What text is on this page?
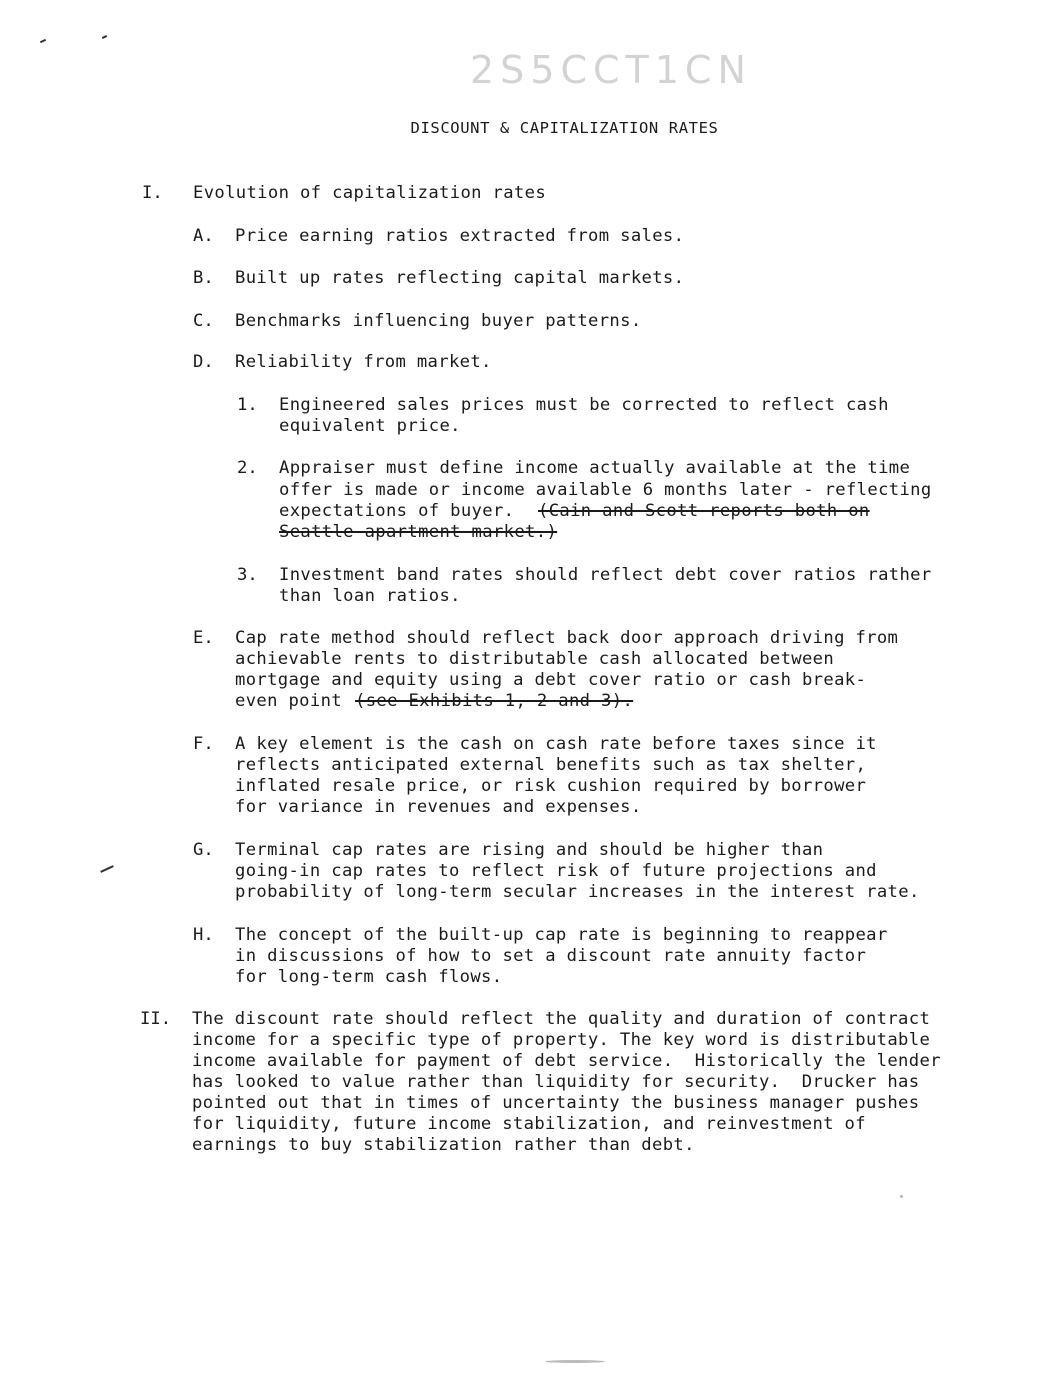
2S5CCT1CN
DISCOUNT & CAPITALIZATION RATES
I. Evolution of capitalization rates
A. Price earning ratios extracted from sales.
B. Built up rates reflecting capital markets.
C. Benchmarks influencing buyer patterns.
D. Reliability from market.
1. Engineered sales prices must be corrected to reflect cash
equivalent price.
2. Appraiser must define income actually available at the time
offer is made or income available 6 months later - reflecting
expectations of buyer. (Cain and Scott reports both on
Seattle apartment market.)
3. Investment band rates should reflect debt cover ratios rather
than loan ratios.
E. Cap rate method should reflect back door approach driving from
achievable rents to distributable cash allocated between
mortgage and equity using a debt cover ratio or cash break-
even point (see Exhibits 1, 2 and 3).
F. A key element is the cash on cash rate before taxes since it
reflects anticipated external benefits such as tax shelter,
inflated resale price, or risk cushion required by borrower
for variance in revenues and expenses.
G. Terminal cap rates are rising and should be higher than
going-in cap rates to reflect risk of future projections and
probability of long-term secular increases in the interest rate.
H. The concept of the built-up cap rate is beginning to reappear
in discussions of how to set a discount rate annuity factor
for long-term cash flows.
II. The discount rate should reflect the quality and duration of contract
income for a specific type of property. The key word is distributable
income available for payment of debt service.  Historically the lender
has looked to value rather than liquidity for security.  Drucker has
pointed out that in times of uncertainty the business manager pushes
for liquidity, future income stabilization, and reinvestment of
earnings to buy stabilization rather than debt.
